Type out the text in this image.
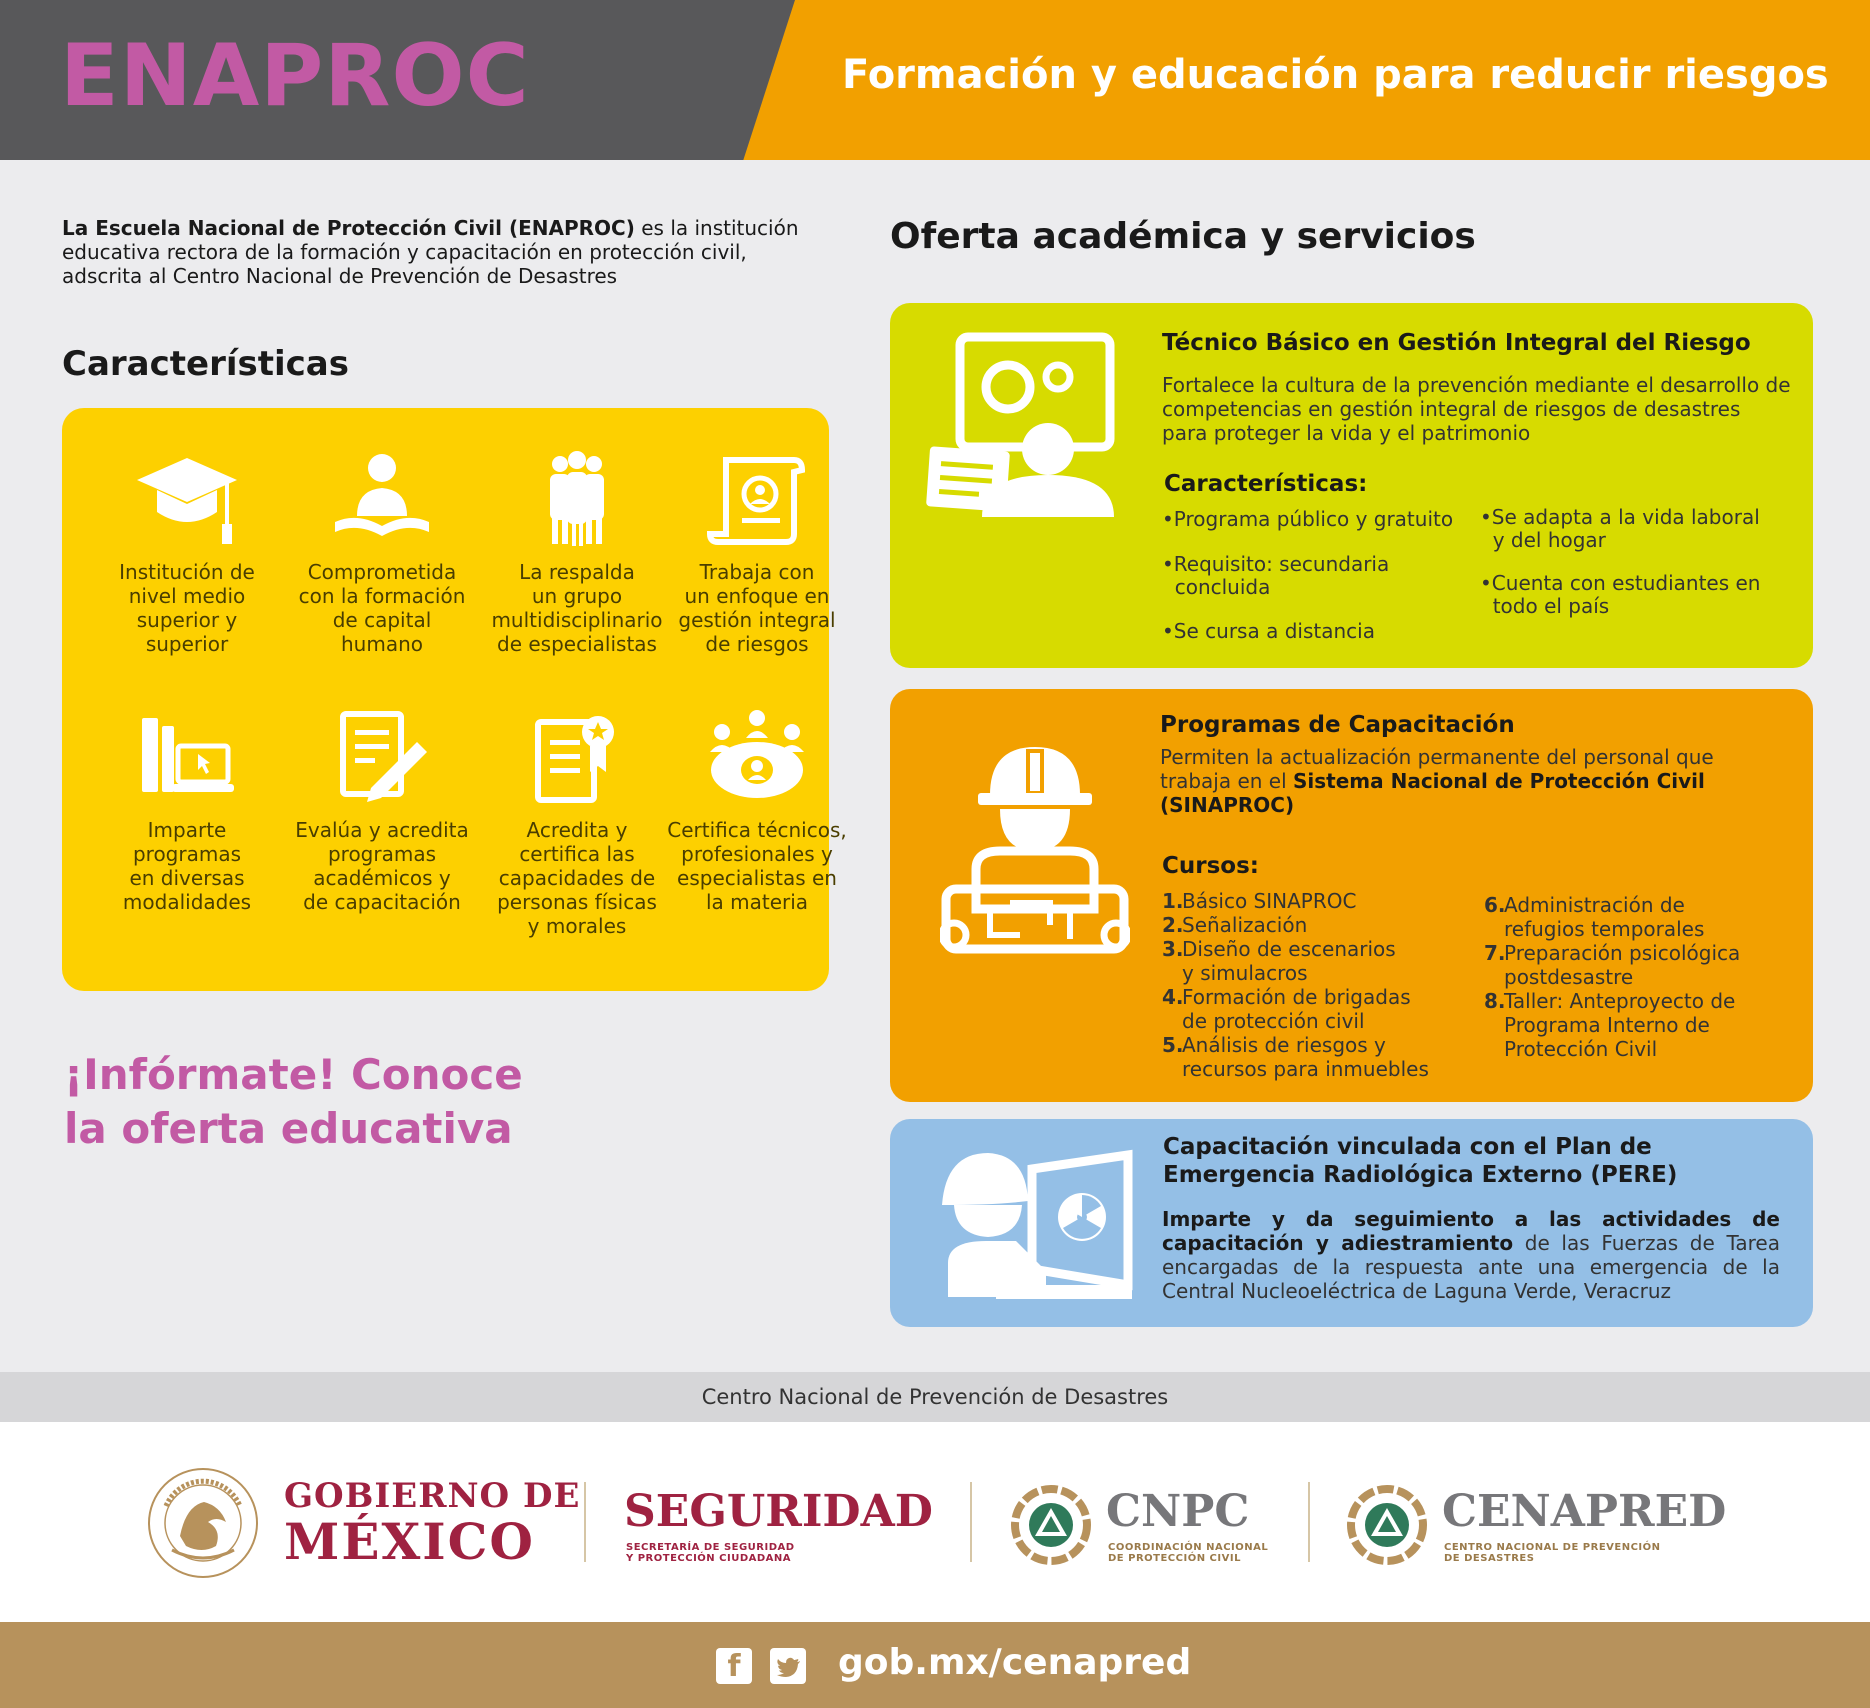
ENAPROC	Formación y educación para reducir riesgos

La Escuela Nacional de Protección Civil (ENAPROC) es la institución educativa rectora de la formación y capacitación en protección civil, adscrita al Centro Nacional de Prevención de Desastres

Características
Oferta académica y servicios
Institución de
nivel medio
superior y
superior
Comprometida
con la formación
de capital
humano
La respalda
un grupo
multidisciplinario
de especialistas
Trabaja con
un enfoque en
gestión integral
de riesgos
Imparte
programas
en diversas
modalidades
Evalúa y acredita
programas
académicos y
de capacitación
Acredita y
certifica las
capacidades de
personas físicas
y morales
Certifica técnicos,
profesionales y
especialistas en
la materia
¡Infórmate! Conoce
la oferta educativa
Técnico Básico en Gestión Integral del Riesgo
Fortalece la cultura de la prevención mediante el desarrollo de competencias en gestión integral de riesgos de desastres para proteger la vida y el patrimonio
Características:
•Programa público y gratuito
•Requisito: secundaria
concluida
•Se cursa a distancia
•Se adapta a la vida laboral
y del hogar
•Cuenta con estudiantes en
todo el país
Programas de Capacitación

Permiten la actualización permanente del personal que trabaja en el Sistema Nacional de Protección Civil (SINAPROC)

Cursos:
1.
Básico SINAPROC
2.
Señalización
3.
Diseño de escenarios y simulacros
4.
Formación de brigadas de protección civil
5.
Análisis de riesgos y recursos para inmuebles
6.
Administración de refugios temporales
7.
Preparación psicológica postdesastre
8.
Taller: Anteproyecto de Programa Interno de Protección Civil
Capacitación vinculada con el Plan de Emergencia Radiológica Externo (PERE)

Imparte y da seguimiento a las actividades de capacitación y adiestramiento de las Fuerzas de Tarea encargadas de la respuesta ante una emergencia de la Central Nucleoeléctrica de Laguna Verde, Veracruz

Centro Nacional de Prevención de Desastres
GOBIERNO DE
MÉXICO
SEGURIDAD
SECRETARÍA DE SEGURIDAD
Y PROTECCIÓN CIUDADANA
CNPC
COORDINACIÓN NACIONAL
DE PROTECCIÓN CIVIL
CENAPRED
CENTRO NACIONAL DE PREVENCIÓN
DE DESASTRES
f	gob.mx/cenapred
